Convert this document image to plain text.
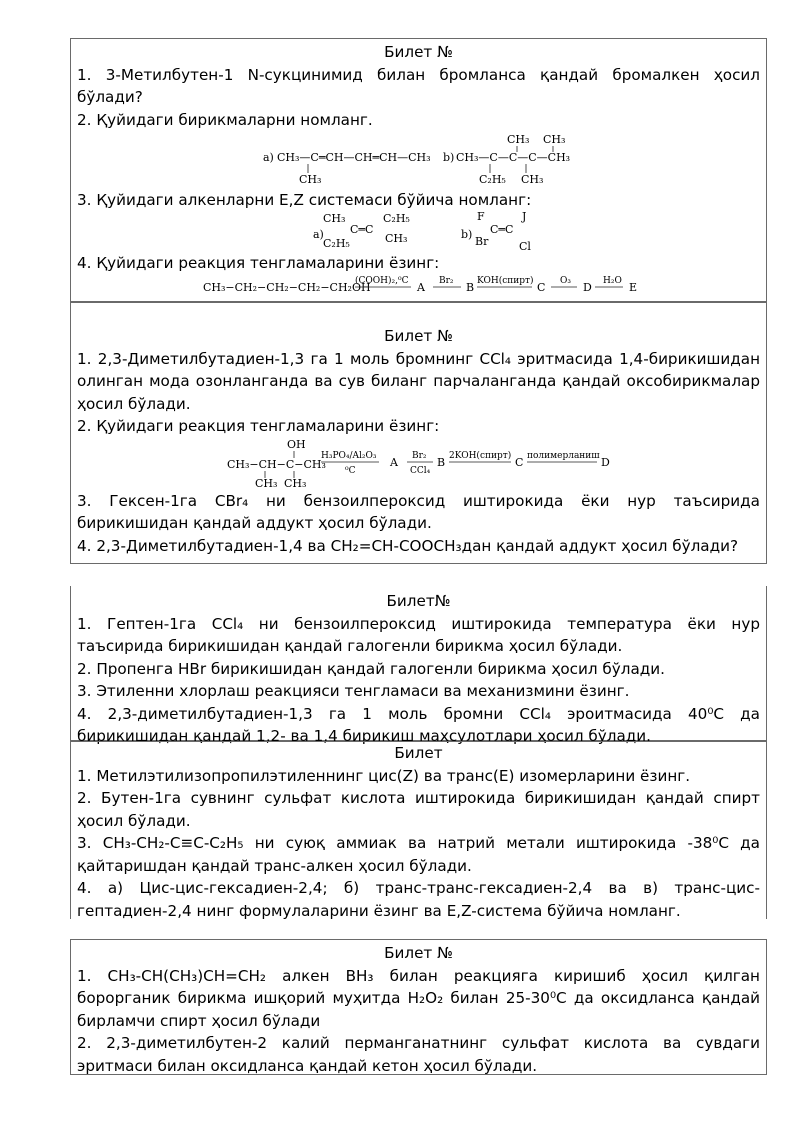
Билет №

1. 3-Метилбутен-1 N-сукцинимид билан бромланса қандай бромалкен ҳосил бўлади?

2. Қуйидаги бирикмаларни номланг.

a) CH₃—C═CH—CH═CH—CH₃
CH₃
b)
CH₃ CH₃
CH₃—C—C—C—CH₃
C₂H₅ CH₃

3. Қуйидаги алкенларни E,Z системаси бўйича номланг:

a)
CH₃	C₂H₅
C═C
C₂H₅	CH₃	b)
F	J
C═C
Br	Cl

4. Қуйидаги реакция тенгламаларини ёзинг:

CH₃−CH₂−CH₂−CH₂−CH₂OH
(COOH)₂,⁰C A Br₂ B KOH(спирт) C O₃ D H₂O E

Билет №

1. 2,3-Диметилбутадиен-1,3 га 1 моль бромнинг CCl₄ эритмасида 1,4-бирикишидан олинган мода озонланганда ва сув биланг парчаланганда қандай оксобирикмалар ҳосил бўлади.

2. Қуйидаги реакция тенгламаларини ёзинг:

OH
CH₃−CH−C−CH₃
CH₃ CH₃
H₃PO₄/Al₂O₃
⁰C
A Br₂
CCl₄
B 2KOH(спирт) C полимерланиш D

3. Гексен-1га CBr₄ ни бензоилпероксид иштирокида ёки нур таъсирида бирикишидан қандай аддукт ҳосил бўлади.

4. 2,3-Диметилбутадиен-1,4 ва CH₂=CH-COOCH₃дан қандай аддукт ҳосил бўлади?

Билет№

1. Гептен-1га CCl₄ ни бензоилпероксид иштирокида температура ёки нур таъсирида бирикишидан қандай галогенли бирикма ҳосил бўлади.

2. Пропенга HBr бирикишидан қандай галогенли бирикма ҳосил бўлади.

3. Этиленни хлорлаш реакцияси тенгламаси ва механизмини ёзинг.

4. 2,3-диметилбутадиен-1,3 га 1 моль бромни CCl₄ эроитмасида 40⁰C да бирикишидан қандай 1,2- ва 1,4 бирикиш маҳсулотлари ҳосил бўлади.

Билет

1. Метилэтилизопропилэтиленнинг цис(Z) ва транс(E) изомерларини ёзинг.

2. Бутен-1га сувнинг сульфат кислота иштирокида бирикишидан қандай спирт ҳосил бўлади.

3. CH₃-CH₂-C≡C-C₂H₅ ни суюқ аммиак ва натрий метали иштирокида -38⁰C да қайтаришдан қандай транс-алкен ҳосил бўлади.

4. а) Цис-цис-гексадиен-2,4; б) транс-транс-гексадиен-2,4 ва в) транс-цис-гептадиен-2,4 нинг формулаларини ёзинг ва E,Z-система бўйича номланг.

Билет №

1. CH₃-CH(CH₃)CH=CH₂ алкен BH₃ билан реакцияга киришиб ҳосил қилган борорганик бирикма ишқорий муҳитда H₂O₂ билан 25-30⁰C да оксидланса қандай бирламчи спирт ҳосил бўлади

2. 2,3-диметилбутен-2 калий перманганатнинг сульфат кислота ва сувдаги эритмаси билан оксидланса қандай кетон ҳосил бўлади.
